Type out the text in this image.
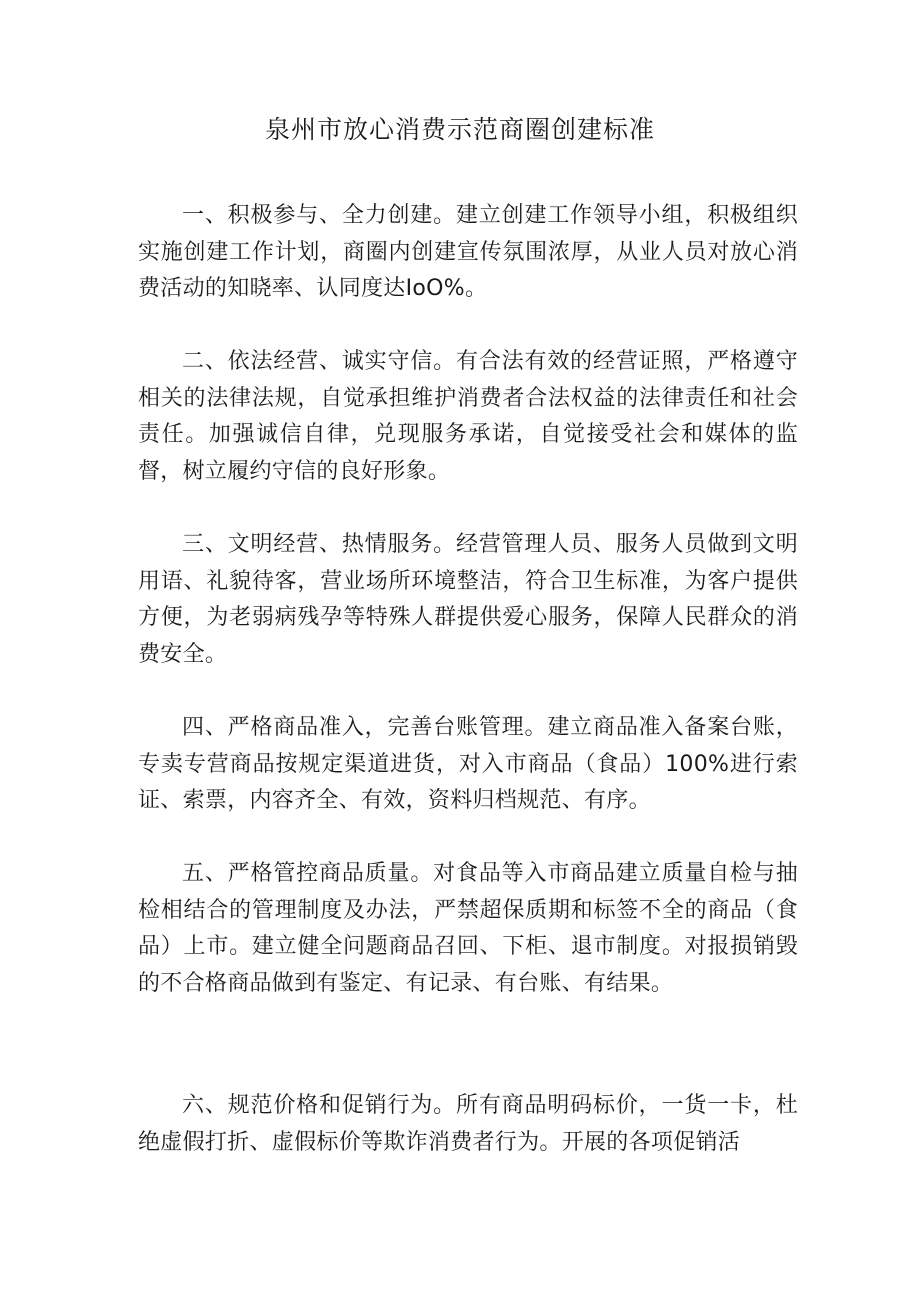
泉州市放心消费示范商圈创建标准

一、积极参与、全力创建。建立创建工作领导小组，积极组织实施创建工作计划，商圈内创建宣传氛围浓厚，从业人员对放心消费活动的知晓率、认同度达IoO%。

二、依法经营、诚实守信。有合法有效的经营证照，严格遵守相关的法律法规，自觉承担维护消费者合法权益的法律责任和社会责任。加强诚信自律，兑现服务承诺，自觉接受社会和媒体的监督，树立履约守信的良好形象。

三、文明经营、热情服务。经营管理人员、服务人员做到文明用语、礼貌待客，营业场所环境整洁，符合卫生标准，为客户提供方便，为老弱病残孕等特殊人群提供爱心服务，保障人民群众的消费安全。

四、严格商品准入，完善台账管理。建立商品准入备案台账，专卖专营商品按规定渠道进货，对入市商品（食品）100%进行索证、索票，内容齐全、有效，资料归档规范、有序。

五、严格管控商品质量。对食品等入市商品建立质量自检与抽检相结合的管理制度及办法，严禁超保质期和标签不全的商品（食品）上市。建立健全问题商品召回、下柜、退市制度。对报损销毁的不合格商品做到有鉴定、有记录、有台账、有结果。

六、规范价格和促销行为。所有商品明码标价，一货一卡，杜绝虚假打折、虚假标价等欺诈消费者行为。开展的各项促销活
